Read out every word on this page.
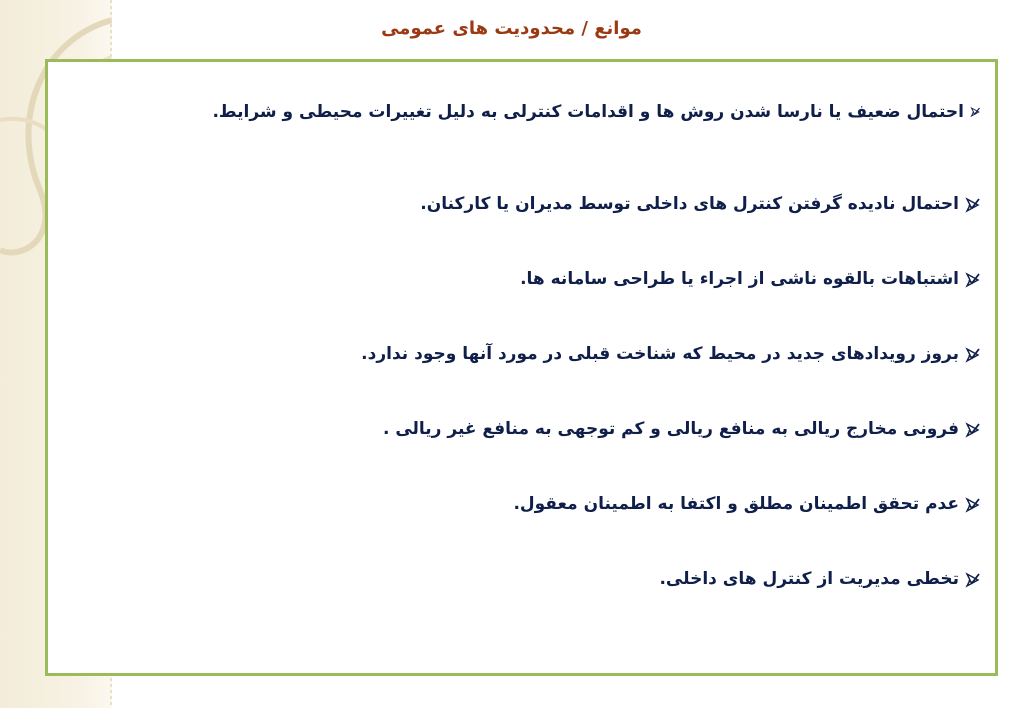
موانع / محدودیت های عمومی
احتمال ضعیف یا نارسا شدن روش ها و اقدامات کنترلی به دلیل تغییرات محیطی و شرایط.
احتمال نادیده گرفتن کنترل های داخلی توسط مدیران یا کارکنان.
اشتباهات بالقوه ناشی از اجراء یا طراحی سامانه ها.
بروز رویدادهای جدید در محیط که شناخت قبلی در مورد آنها وجود ندارد.
فرونی مخارج ریالی به منافع ریالی و کم توجهی به منافع غیر ریالی .
عدم تحقق اطمینان مطلق و اکتفا به اطمینان معقول.
تخطی مدیریت از کنترل های داخلی.
